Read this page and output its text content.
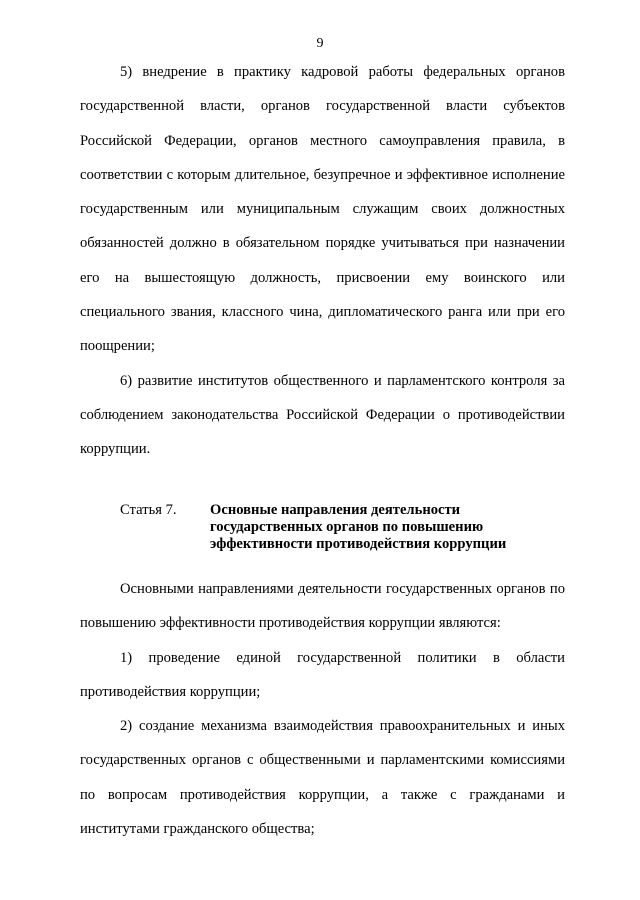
9

5) внедрение в практику кадровой работы федеральных органов государственной власти, органов государственной власти субъектов Российской Федерации, органов местного самоуправления правила, в соответствии с которым длительное, безупречное и эффективное исполнение государственным или муниципальным служащим своих должностных обязанностей должно в обязательном порядке учитываться при назначении его на вышестоящую должность, присвоении ему воинского или специального звания, классного чина, дипломатического ранга или при его поощрении;

6) развитие институтов общественного и парламентского контроля за соблюдением законодательства Российской Федерации о противодействии коррупции.

Статья 7. Основные направления деятельности
государственных органов по повышению
эффективности противодействия коррупции

Основными направлениями деятельности государственных органов по повышению эффективности противодействия коррупции являются:

1) проведение единой государственной политики в области противодействия коррупции;

2) создание механизма взаимодействия правоохранительных и иных государственных органов с общественными и парламентскими комиссиями по вопросам противодействия коррупции, а также с гражданами и институтами гражданского общества;
